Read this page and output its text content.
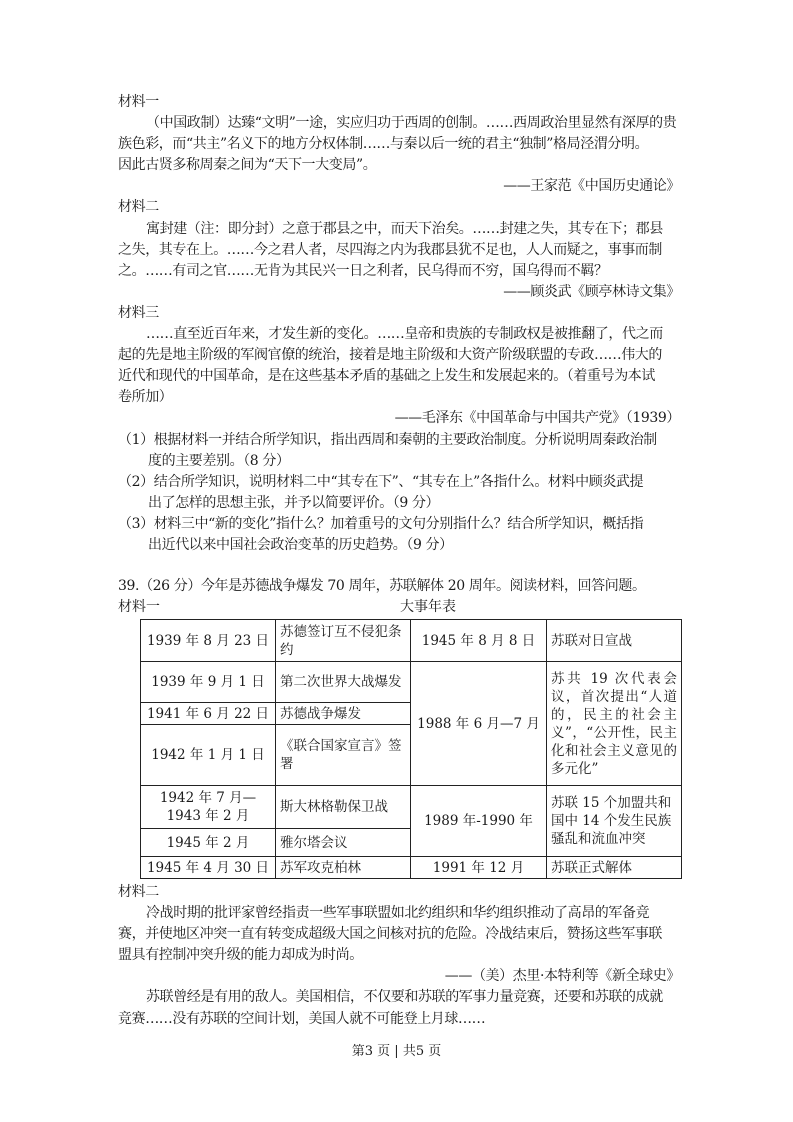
材料一
（中国政制）达臻“文明”一途，实应归功于西周的创制。……西周政治里显然有深厚的贵
族色彩，而“共主”名义下的地方分权体制……与秦以后一统的君主“独制”格局泾渭分明。
因此古贤多称周秦之间为“天下一大变局”。
——王家范《中国历史通论》
材料二
寓封建（注：即分封）之意于郡县之中，而天下治矣。……封建之失，其专在下；郡县
之失，其专在上。……今之君人者，尽四海之内为我郡县犹不足也，人人而疑之，事事而制
之。……有司之官……无肯为其民兴一日之利者，民乌得而不穷，国乌得而不羁？
——顾炎武《顾亭林诗文集》
材料三
……直至近百年来，才发生新的变化。……皇帝和贵族的专制政权是被推翻了，代之而
起的先是地主阶级的军阀官僚的统治，接着是地主阶级和大资产阶级联盟的专政……伟大的
近代和现代的中国革命，是在这些基本矛盾的基础之上发生和发展起来的。（着重号为本试
卷所加）
——毛泽东《中国革命与中国共产党》（1939）
（1）根据材料一并结合所学知识，指出西周和秦朝的主要政治制度。分析说明周秦政治制
度的主要差别。（8 分）
（2）结合所学知识，说明材料二中“其专在下”、“其专在上”各指什么。材料中顾炎武提
出了怎样的思想主张，并予以简要评价。（9 分）
（3）材料三中“新的变化”指什么？加着重号的文句分别指什么？结合所学知识，概括指
出近代以来中国社会政治变革的历史趋势。（9 分）
39.（26 分）今年是苏德战争爆发 70 周年，苏联解体 20 周年。阅读材料，回答问题。
材料一	大事年表
1939 年 8 月 23 日	苏德签订互不侵犯条约	1945 年 8 月 8 日	苏联对日宣战
1939 年 9 月 1 日	第二次世界大战爆发	1988 年 6 月—7 月	苏共 19 次代表会议，首次提出“人道的，民主的社会主义”，“公开性，民主化和社会主义意见的多元化”
1941 年 6 月 22 日	苏德战争爆发		
1942 年 1 月 1 日	《联合国家宣言》签署		
1942 年 7 月—1943 年 2 月	斯大林格勒保卫战	1989 年-1990 年	苏联 15 个加盟共和国中 14 个发生民族骚乱和流血冲突
1945 年 2 月	雅尔塔会议		
1945 年 4 月 30 日	苏军攻克柏林	1991 年 12 月	苏联正式解体
材料二
冷战时期的批评家曾经指责一些军事联盟如北约组织和华约组织推动了高昂的军备竞
赛，并使地区冲突一直有转变成超级大国之间核对抗的危险。冷战结束后，赞扬这些军事联
盟具有控制冲突升级的能力却成为时尚。
——（美）杰里·本特利等《新全球史》
苏联曾经是有用的敌人。美国相信，不仅要和苏联的军事力量竞赛，还要和苏联的成就
竞赛……没有苏联的空间计划，美国人就不可能登上月球……
第3 页 | 共5 页
